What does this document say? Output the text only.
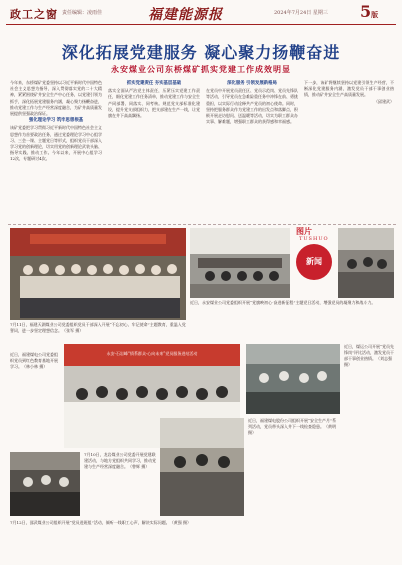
政工之窗 责任编辑：凌雨佳	福建能源报	2024年7月24日 星期三 5版
深化拓展党建服务 凝心聚力扬鞭奋进
永安煤业公司东桥煤矿抓实党建工作成效明显
今年来，东桥煤矿党委坚持以习近平新时代中国特色社会主义思想为指导，深入贯彻落实党的二十大精神，紧紧围绕矿井安全生产中心任务，以党建引领为抓手，深化拓展党建服务内涵，凝心聚力扬鞭奋进，推动党建工作与生产经营深度融合，为矿井高质量发展提供坚强政治保证。
强化理论学习 筑牢思想根基
该矿党委把学习贯彻习近平新时代中国特色社会主义思想作为首要政治任务，通过党委理论学习中心组学习、三会一课、主题党日等形式，组织党员干部深入学习党的创新理论，切实用党的创新理论武装头脑、指导实践、推动工作。今年以来，开展中心组学习12次，专题研讨4次。
抓实党建责任 夯实基层基础
落实全面从严治党主体责任，压紧压实党建工作责任，细化党建工作任务清单，推动党建工作与安全生产同部署、同落实、同考核。规范党支部标准化建设，提升党支部组织力，把支部建在生产一线，让党旗在井下高高飘扬。
深化服务 引领发展新格局
在党员中开展党员责任区、党员示范岗、党员先锋队等活动，引导党员在急难险重任务中冲锋在前、勇挑重担，以实际行动诠释共产党员的初心使命。同时，坚持把服务群众作为党建工作的出发点和落脚点，积极开展走访慰问、送温暖等活动，切实为职工群众办实事、解难题，增强职工群众的获得感和幸福感。
下一步，该矿将继续坚持以党建引领生产经营，不断深化党建服务内涵，激发党员干部干事创业热情，推动矿井安全生产高质量发展。
（邱建武）
7月11日，福建天湖煤业公司党委组织党员干部深入开展“不忘初心、牢记使命”主题教育，重温入党誓词，进一步坚定理想信念。（张军 摄）
图片
TUSHUO
新闻
近日，永安煤业公司党委组织开展“党旗映初心·奋进新征程”主题党日活动，增强党员的凝聚力和战斗力。
近日，福建煤电公司党委组织党员到红色教育基地开展学习。（林小林 摄）
永安·石岩峰“情系群众·心向未来”党员服务进站活动
近日，煤运公司开展“党员先锋岗”评比活动，激发党员干部干事创业热情。（刘志强 摄）
7月10日，龙岩煤业公司党委开展党建联建活动，与地方党组织共同学习，推动党建与生产经营深度融合。（曾辉 摄）
近日，福建煤电股份公司组织开展“安全生产月”系列活动，党员带头深入井下一线检查隐患。（黄明 摄）
7月12日，邵武煤业公司组织开展“党员进班组”活动，倾听一线职工心声，解决实际问题。（黄强 摄）
